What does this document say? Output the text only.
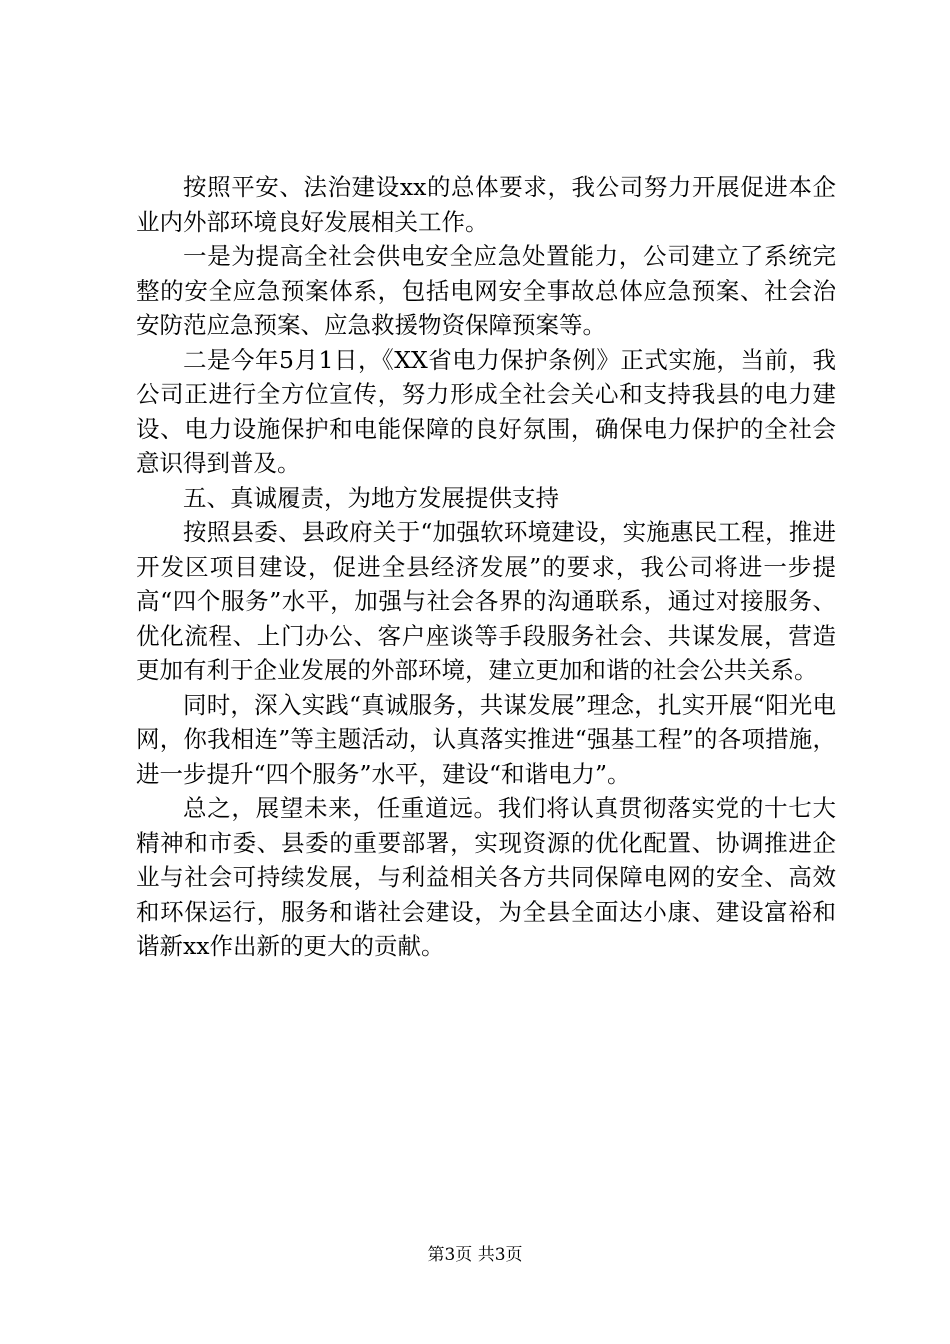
按照平安、法治建设xx的总体要求，我公司努力开展促进本企业内外部环境良好发展相关工作。

一是为提高全社会供电安全应急处置能力，公司建立了系统完整的安全应急预案体系，包括电网安全事故总体应急预案、社会治安防范应急预案、应急救援物资保障预案等。

二是今年5月1日，《XX省电力保护条例》正式实施，当前，我公司正进行全方位宣传，努力形成全社会关心和支持我县的电力建设、电力设施保护和电能保障的良好氛围，确保电力保护的全社会意识得到普及。

五、真诚履责，为地方发展提供支持

按照县委、县政府关于“加强软环境建设，实施惠民工程，推进开发区项目建设，促进全县经济发展”的要求，我公司将进一步提高“四个服务”水平，加强与社会各界的沟通联系，通过对接服务、优化流程、上门办公、客户座谈等手段服务社会、共谋发展，营造更加有利于企业发展的外部环境，建立更加和谐的社会公共关系。

同时，深入实践“真诚服务，共谋发展”理念，扎实开展“阳光电网，你我相连”等主题活动，认真落实推进“强基工程”的各项措施，进一步提升“四个服务”水平，建设“和谐电力”。

总之，展望未来，任重道远。我们将认真贯彻落实党的十七大精神和市委、县委的重要部署，实现资源的优化配置、协调推进企业与社会可持续发展，与利益相关各方共同保障电网的安全、高效和环保运行，服务和谐社会建设，为全县全面达小康、建设富裕和谐新xx作出新的更大的贡献。

第3页 共3页
